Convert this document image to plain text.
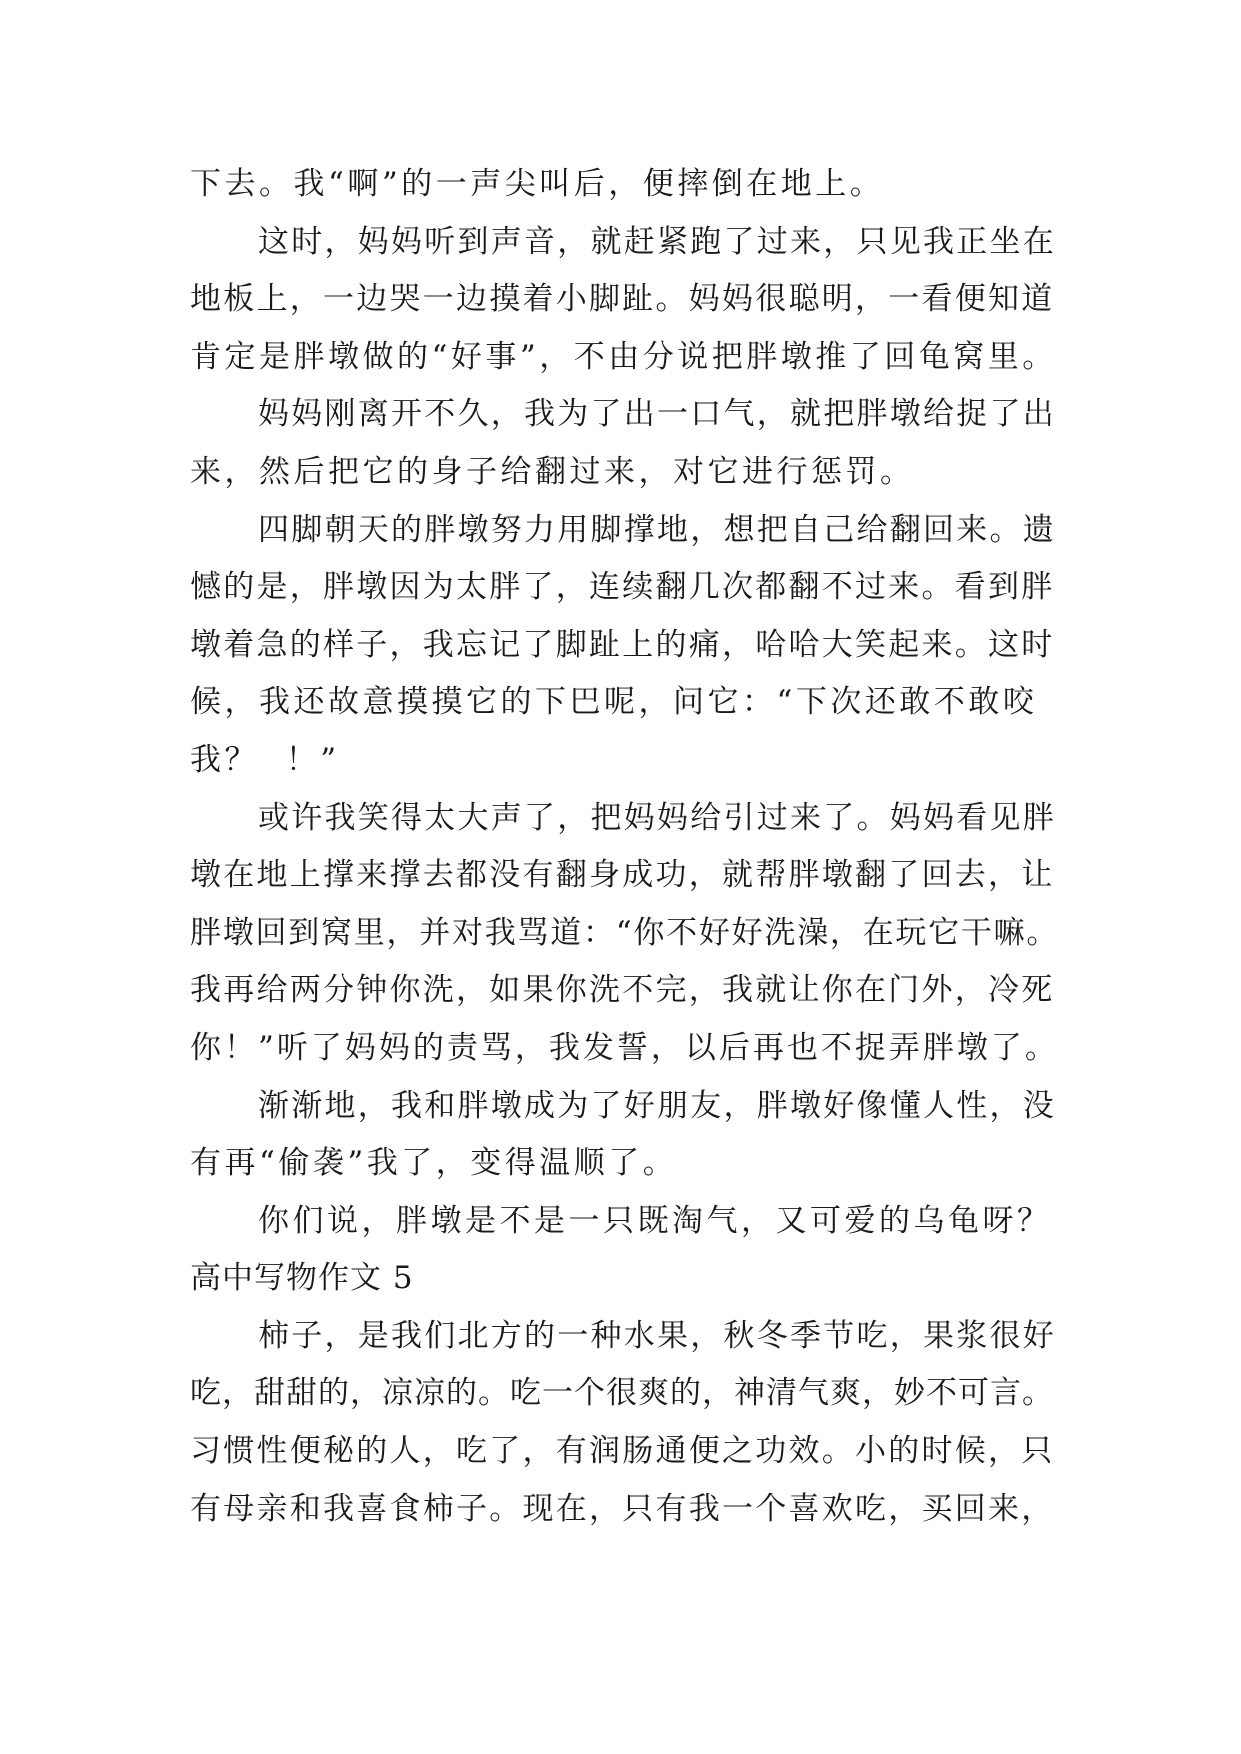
下去。我“啊”的一声尖叫后，便摔倒在地上。
这时，妈妈听到声音，就赶紧跑了过来，只见我正坐在
地板上，一边哭一边摸着小脚趾。妈妈很聪明，一看便知道
肯定是胖墩做的“好事”，不由分说把胖墩推了回龟窝里。
妈妈刚离开不久，我为了出一口气，就把胖墩给捉了出
来，然后把它的身子给翻过来，对它进行惩罚。
四脚朝天的胖墩努力用脚撑地，想把自己给翻回来。遗
憾的是，胖墩因为太胖了，连续翻几次都翻不过来。看到胖
墩着急的样子，我忘记了脚趾上的痛，哈哈大笑起来。这时
候，我还故意摸摸它的下巴呢，问它：“下次还敢不敢咬
我？  ！”
或许我笑得太大声了，把妈妈给引过来了。妈妈看见胖
墩在地上撑来撑去都没有翻身成功，就帮胖墩翻了回去，让
胖墩回到窝里，并对我骂道：“你不好好洗澡，在玩它干嘛。
我再给两分钟你洗，如果你洗不完，我就让你在门外，冷死
你！”听了妈妈的责骂，我发誓，以后再也不捉弄胖墩了。
渐渐地，我和胖墩成为了好朋友，胖墩好像懂人性，没
有再“偷袭”我了，变得温顺了。
你们说，胖墩是不是一只既淘气，又可爱的乌龟呀？
高中写物作文 5
柿子，是我们北方的一种水果，秋冬季节吃，果浆很好
吃，甜甜的，凉凉的。吃一个很爽的，神清气爽，妙不可言。
习惯性便秘的人，吃了，有润肠通便之功效。小的时候，只
有母亲和我喜食柿子。现在，只有我一个喜欢吃，买回来，
